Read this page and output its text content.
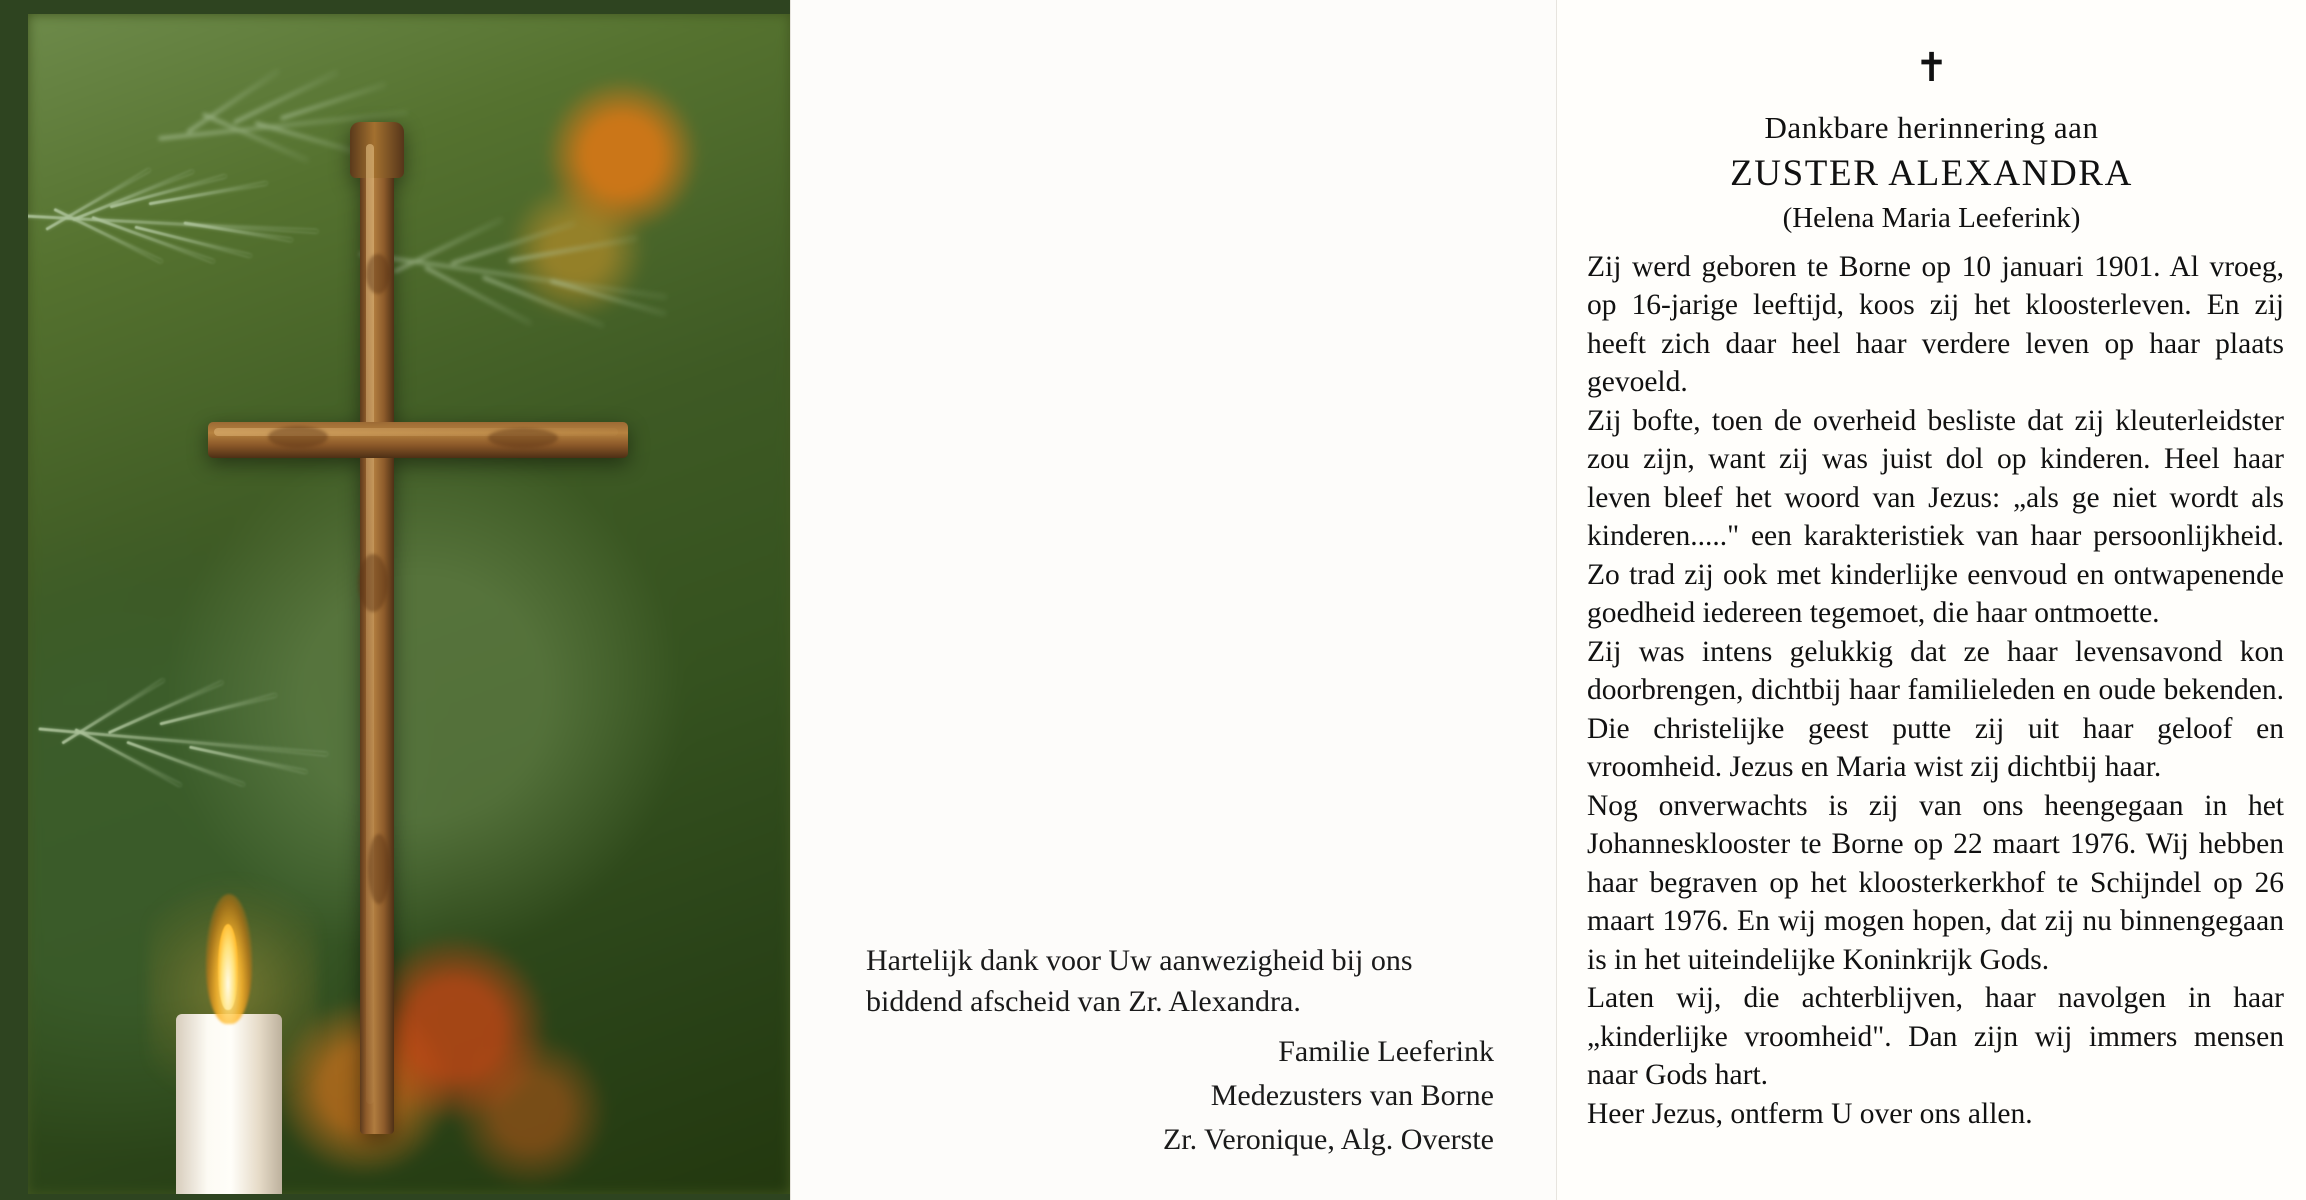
Hartelijk dank voor Uw aanwezigheid bij ons biddend afscheid van Zr. Alexandra.

Familie Leeferink
Medezusters van Borne
Zr. Veronique, Alg. Overste
✝
Dankbare herinnering aan
ZUSTER ALEXANDRA
(Helena Maria Leeferink)

Zij werd geboren te Borne op 10 januari 1901. Al vroeg, op 16-jarige leeftijd, koos zij het kloosterleven. En zij heeft zich daar heel haar verdere leven op haar plaats gevoeld.

Zij bofte, toen de overheid besliste dat zij kleuterleidster zou zijn, want zij was juist dol op kinderen. Heel haar leven bleef het woord van Jezus: „als ge niet wordt als kinderen....." een karakteristiek van haar persoonlijkheid. Zo trad zij ook met kinderlijke eenvoud en ontwapenende goedheid iedereen tegemoet, die haar ontmoette.

Zij was intens gelukkig dat ze haar levensavond kon doorbrengen, dichtbij haar familieleden en oude bekenden. Die christelijke geest putte zij uit haar geloof en vroomheid. Jezus en Maria wist zij dichtbij haar.

Nog onverwachts is zij van ons heengegaan in het Johannesklooster te Borne op 22 maart 1976. Wij hebben haar begraven op het kloosterkerkhof te Schijndel op 26 maart 1976. En wij mogen hopen, dat zij nu binnengegaan is in het uiteindelijke Koninkrijk Gods.

Laten wij, die achterblijven, haar navolgen in haar „kinderlijke vroomheid". Dan zijn wij immers mensen naar Gods hart.

Heer Jezus, ontferm U over ons allen.
